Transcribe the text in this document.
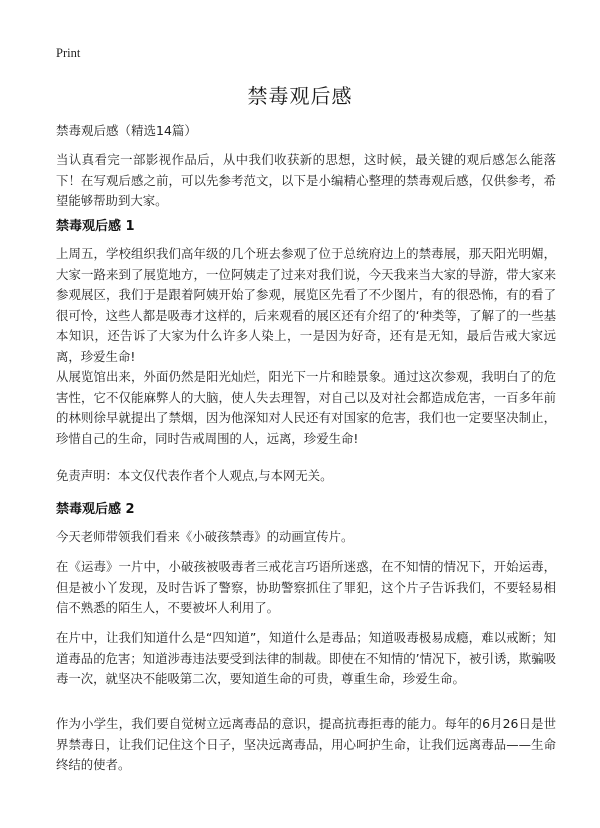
Print
禁毒观后感
禁毒观后感（精选14篇）

当认真看完一部影视作品后，从中我们收获新的思想，这时候，最关键的观后感怎么能落下！在写观后感之前，可以先参考范文，以下是小编精心整理的禁毒观后感，仅供参考，希望能够帮助到大家。

禁毒观后感 1

上周五，学校组织我们高年级的几个班去参观了位于总统府边上的禁毒展，那天阳光明媚，大家一路来到了展览地方，一位阿姨走了过来对我们说，今天我来当大家的导游，带大家来参观展区，我们于是跟着阿姨开始了参观，展览区先看了不少图片，有的很恐怖，有的看了很可怜，这些人都是吸毒才这样的，后来观看的展区还有介绍了的‘种类等，了解了的一些基本知识，还告诉了大家为什么许多人染上，一是因为好奇，还有是无知，最后告戒大家远离，珍爱生命!

从展览馆出来，外面仍然是阳光灿烂，阳光下一片和睦景象。通过这次参观，我明白了的危害性，它不仅能麻弊人的大脑，使人失去理智，对自己以及对社会都造成危害，一百多年前的林则徐早就提出了禁烟，因为他深知对人民还有对国家的危害，我们也一定要坚决制止，珍惜自己的生命，同时告戒周围的人，远离，珍爱生命!

免责声明：本文仅代表作者个人观点,与本网无关。

禁毒观后感 2

今天老师带领我们看来《小破孩禁毒》的动画宣传片。

在《运毒》一片中，小破孩被吸毒者三戒花言巧语所迷惑，在不知情的情况下，开始运毒，但是被小丫发现，及时告诉了警察，协助警察抓住了罪犯，这个片子告诉我们，不要轻易相信不熟悉的陌生人，不要被坏人利用了。

在片中，让我们知道什么是“四知道”，知道什么是毒品；知道吸毒极易成瘾，难以戒断；知道毒品的危害；知道涉毒违法要受到法律的制裁。即使在不知情的’情况下，被引诱，欺骗吸毒一次，就坚决不能吸第二次，要知道生命的可贵，尊重生命，珍爱生命。

作为小学生，我们要自觉树立远离毒品的意识，提高抗毒拒毒的能力。每年的6月26日是世界禁毒日，让我们记住这个日子，坚决远离毒品，用心呵护生命，让我们远离毒品——生命终结的使者。
